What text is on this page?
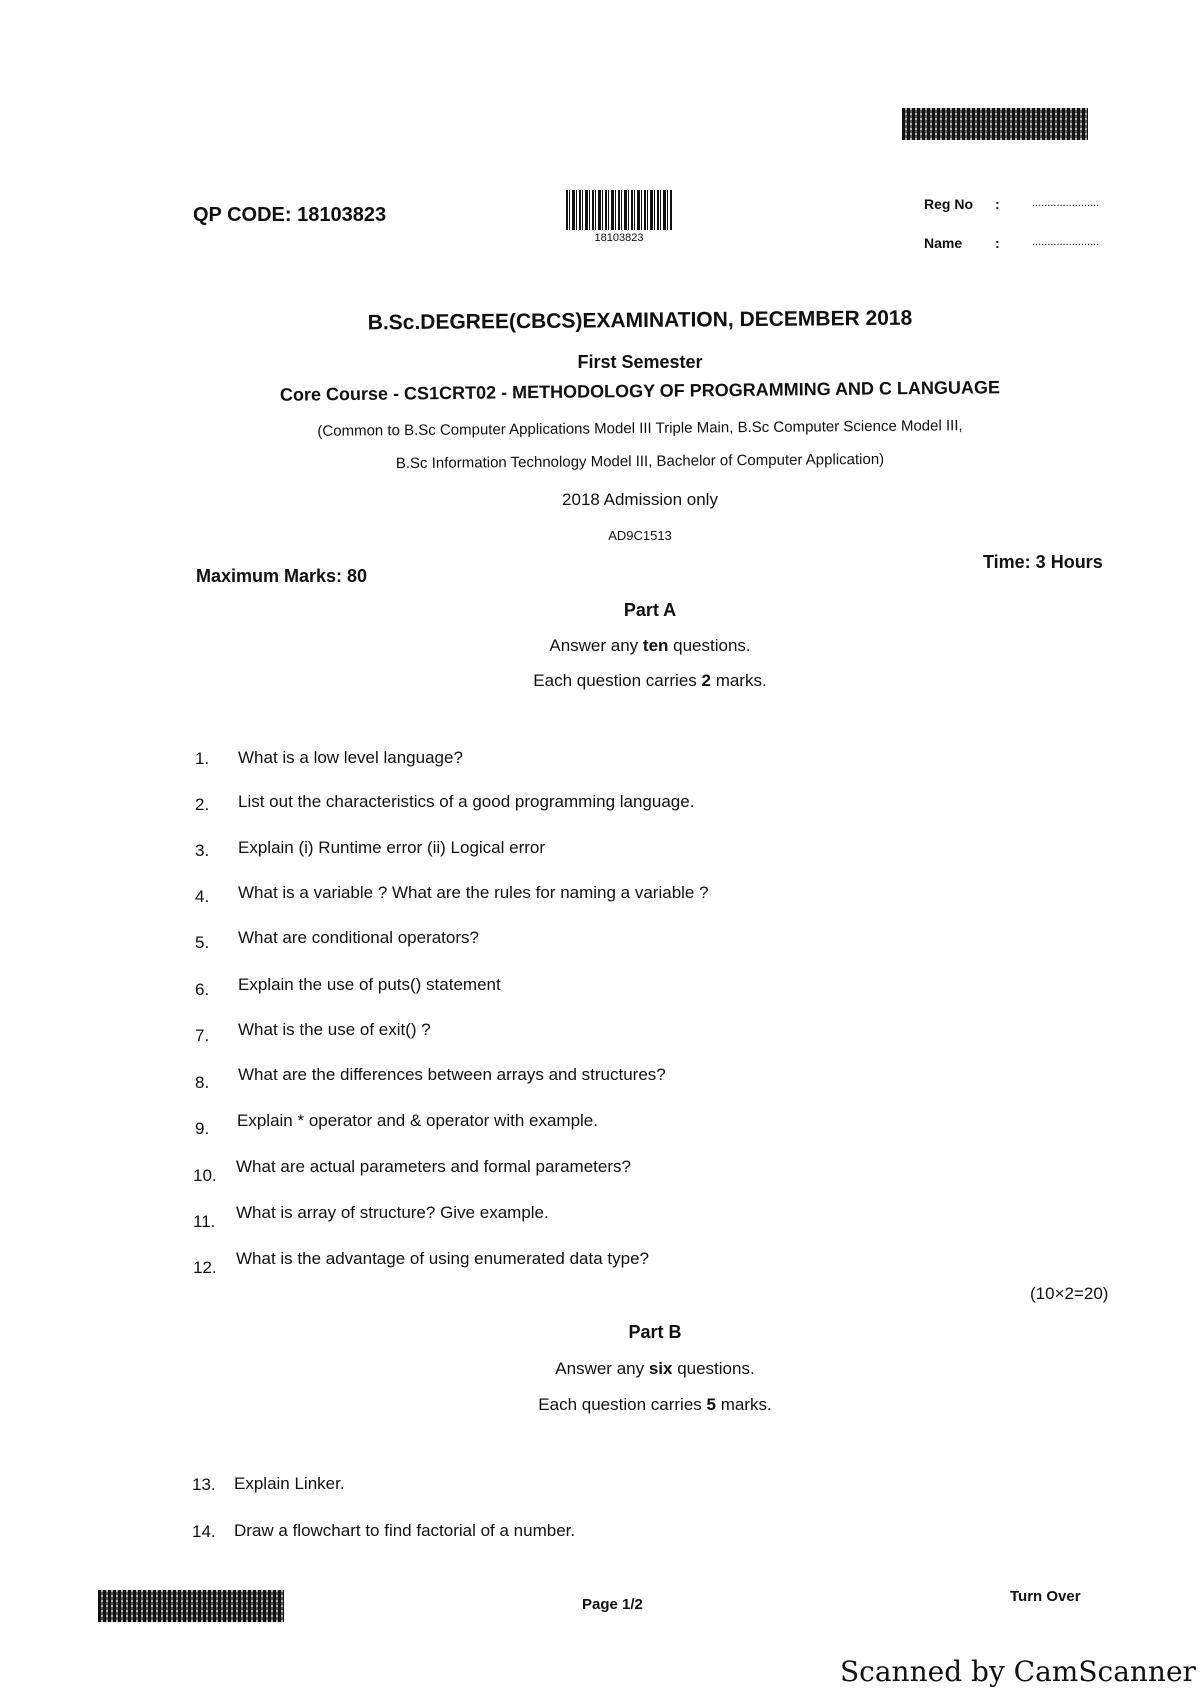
QP CODE: 18103823
18103823
Reg No :	......................
Name :	......................
B.Sc.DEGREE(CBCS)EXAMINATION, DECEMBER 2018
First Semester
Core Course - CS1CRT02 - METHODOLOGY OF PROGRAMMING AND C LANGUAGE
(Common to B.Sc Computer Applications Model III Triple Main, B.Sc Computer Science Model III,
B.Sc Information Technology Model III, Bachelor of Computer Application)
2018 Admission only
AD9C1513
Maximum Marks: 80
Time: 3 Hours
Part A
Answer any ten questions.
Each question carries 2 marks.
1.	What is a low level language?
2.	List out the characteristics of a good programming language.
3.	Explain (i) Runtime error (ii) Logical error
4.	What is a variable ? What are the rules for naming a variable ?
5.	What are conditional operators?
6.	Explain the use of puts() statement
7.	What is the use of exit() ?
8.	What are the differences between arrays and structures?
9.	Explain * operator and & operator with example.
10.	What are actual parameters and formal parameters?
11.	What is array of structure? Give example.
12.	What is the advantage of using enumerated data type?
(10×2=20)
Part B
Answer any six questions.
Each question carries 5 marks.
13.	Explain Linker.
14.	Draw a flowchart to find factorial of a number.
Page 1/2	Turn Over
Scanned by CamScanner
